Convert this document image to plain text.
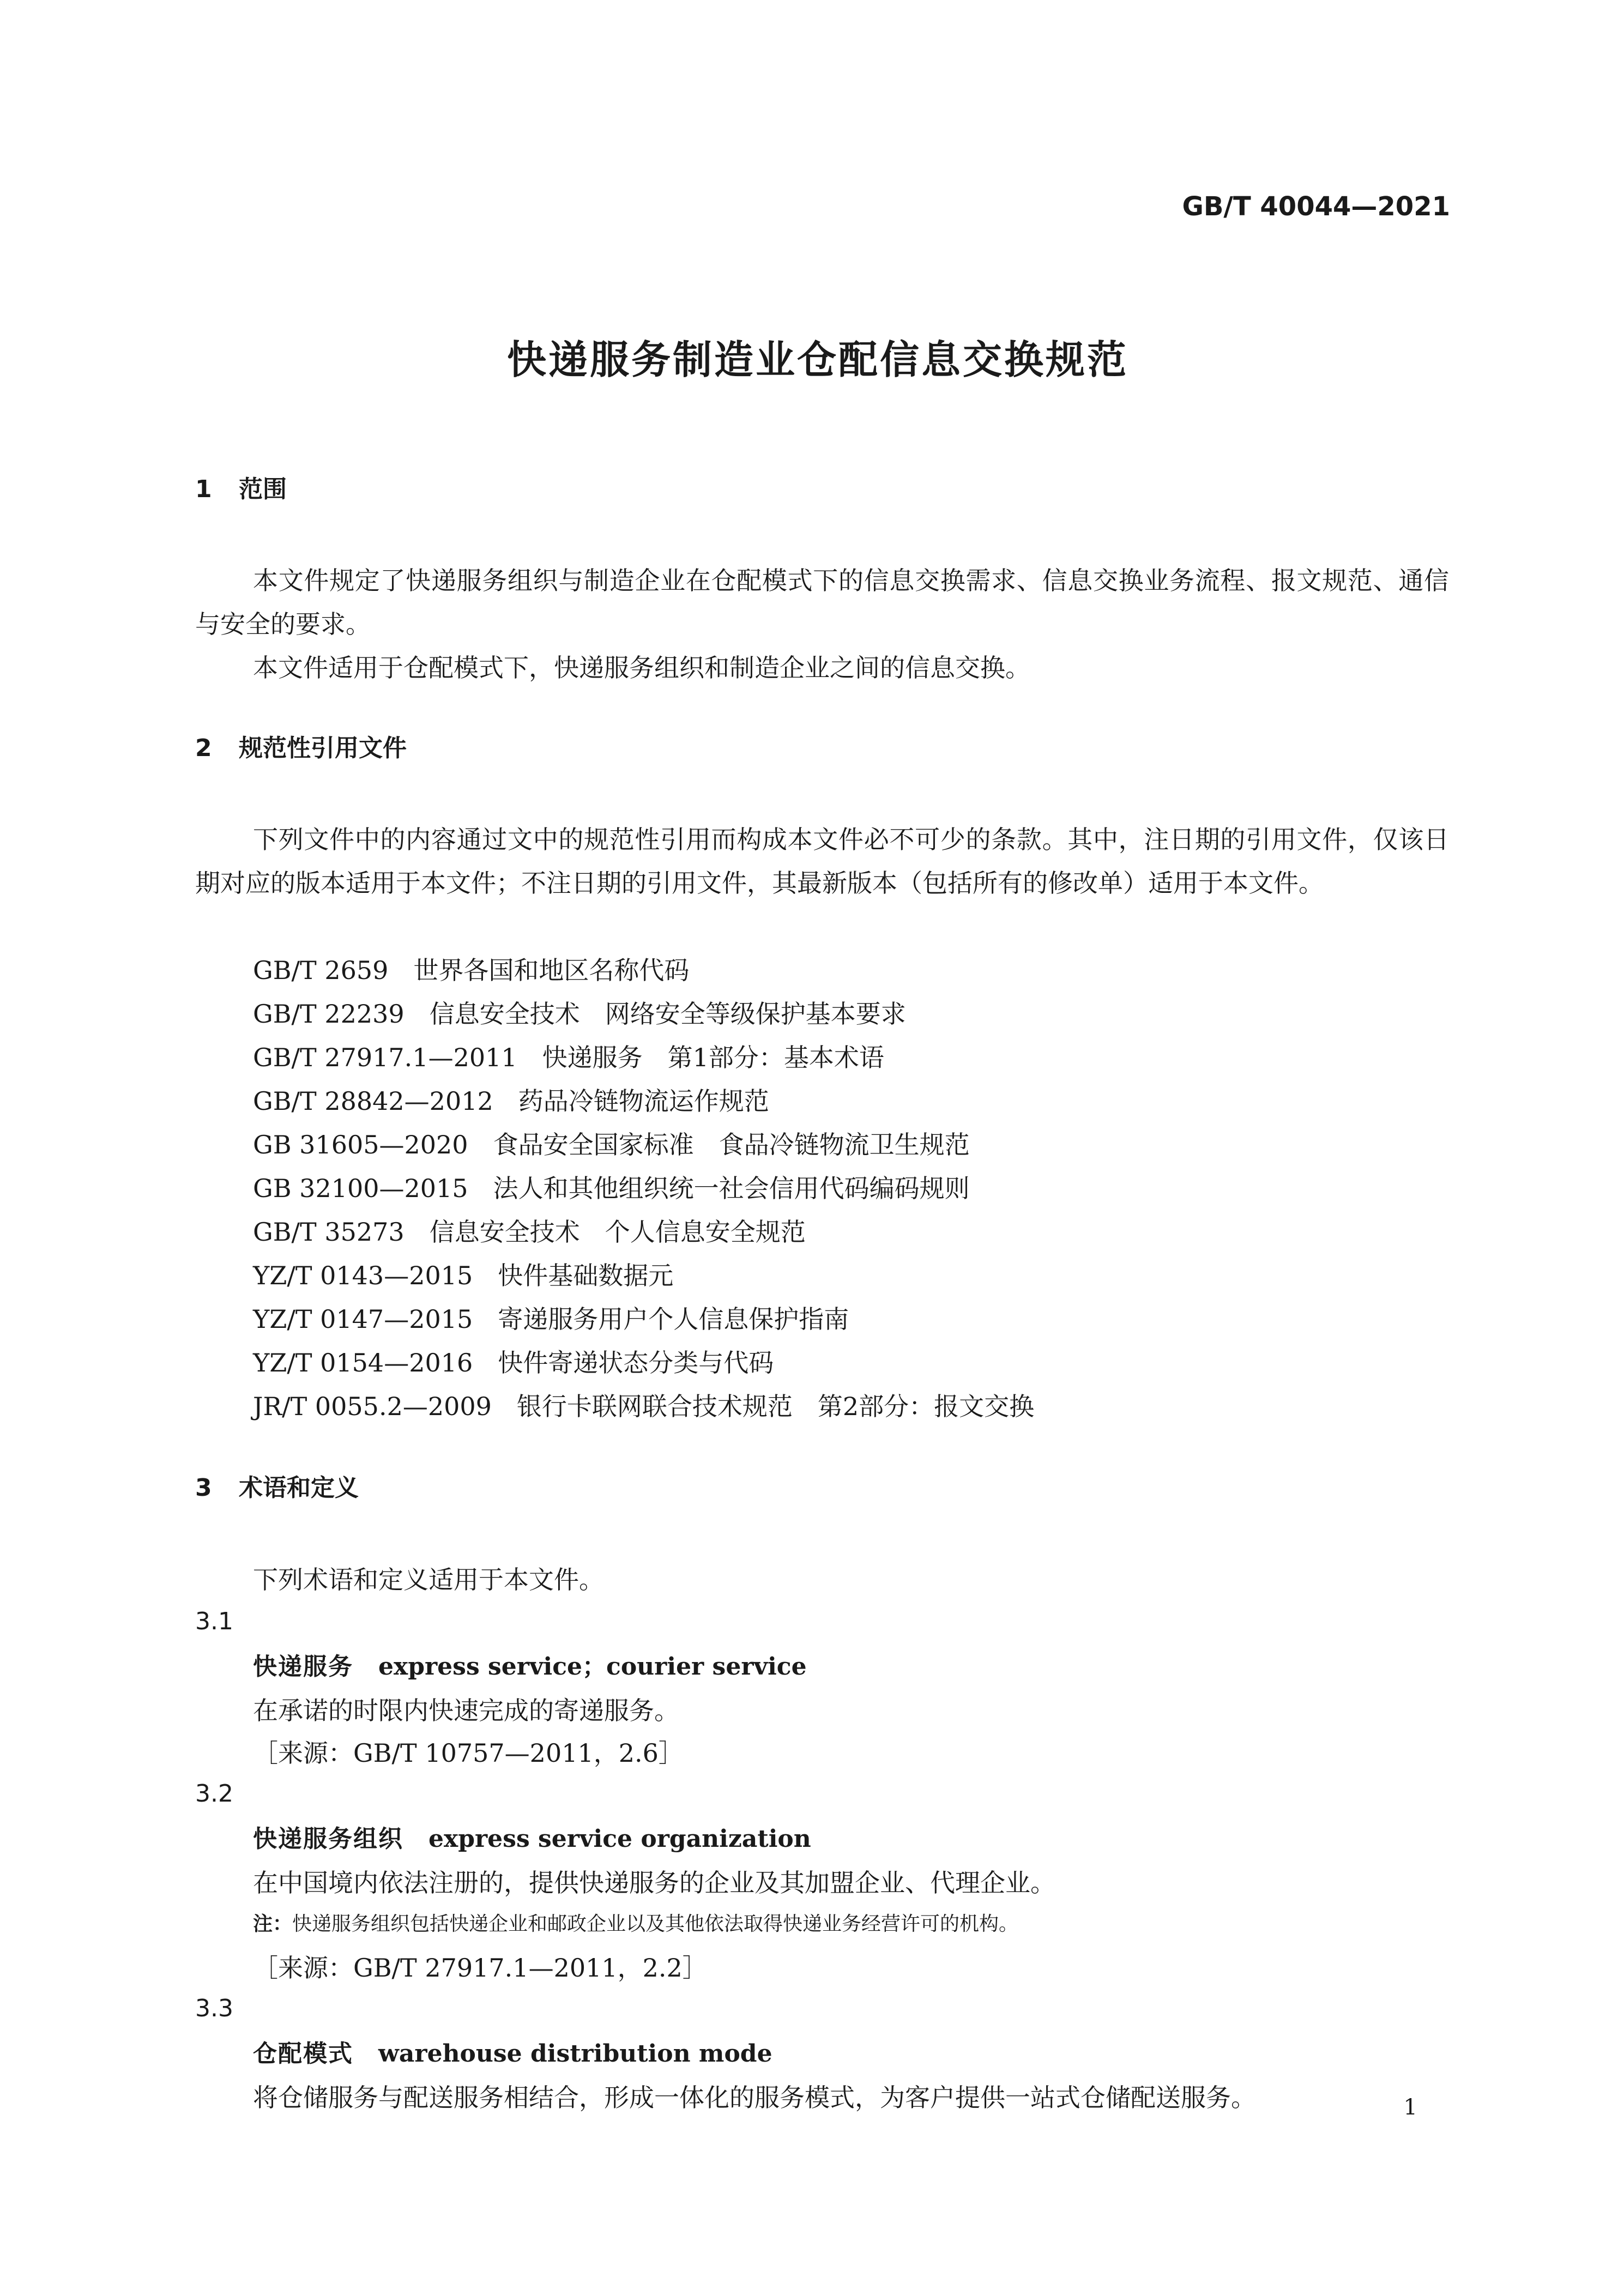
GB/T 40044—2021
快递服务制造业仓配信息交换规范
1 范围

本文件规定了快递服务组织与制造企业在仓配模式下的信息交换需求、信息交换业务流程、报文规范、通信与安全的要求。

本文件适用于仓配模式下，快递服务组织和制造企业之间的信息交换。

2 规范性引用文件

下列文件中的内容通过文中的规范性引用而构成本文件必不可少的条款。其中，注日期的引用文件，仅该日期对应的版本适用于本文件；不注日期的引用文件，其最新版本（包括所有的修改单）适用于本文件。

GB/T 2659 世界各国和地区名称代码
GB/T 22239 信息安全技术　网络安全等级保护基本要求
GB/T 27917.1—2011 快递服务　第1部分：基本术语
GB/T 28842—2012 药品冷链物流运作规范
GB 31605—2020 食品安全国家标准　食品冷链物流卫生规范
GB 32100—2015 法人和其他组织统一社会信用代码编码规则
GB/T 35273 信息安全技术　个人信息安全规范
YZ/T 0143—2015 快件基础数据元
YZ/T 0147—2015 寄递服务用户个人信息保护指南
YZ/T 0154—2016 快件寄递状态分类与代码
JR/T 0055.2—2009 银行卡联网联合技术规范　第2部分：报文交换
3 术语和定义
下列术语和定义适用于本文件。
3.1
快递服务 express service；courier service
在承诺的时限内快速完成的寄递服务。
［来源：GB/T 10757—2011，2.6］
3.2
快递服务组织 express service organization
在中国境内依法注册的，提供快递服务的企业及其加盟企业、代理企业。
注：快递服务组织包括快递企业和邮政企业以及其他依法取得快递业务经营许可的机构。
［来源：GB/T 27917.1—2011，2.2］
3.3
仓配模式 warehouse distribution mode
将仓储服务与配送服务相结合，形成一体化的服务模式，为客户提供一站式仓储配送服务。	1
